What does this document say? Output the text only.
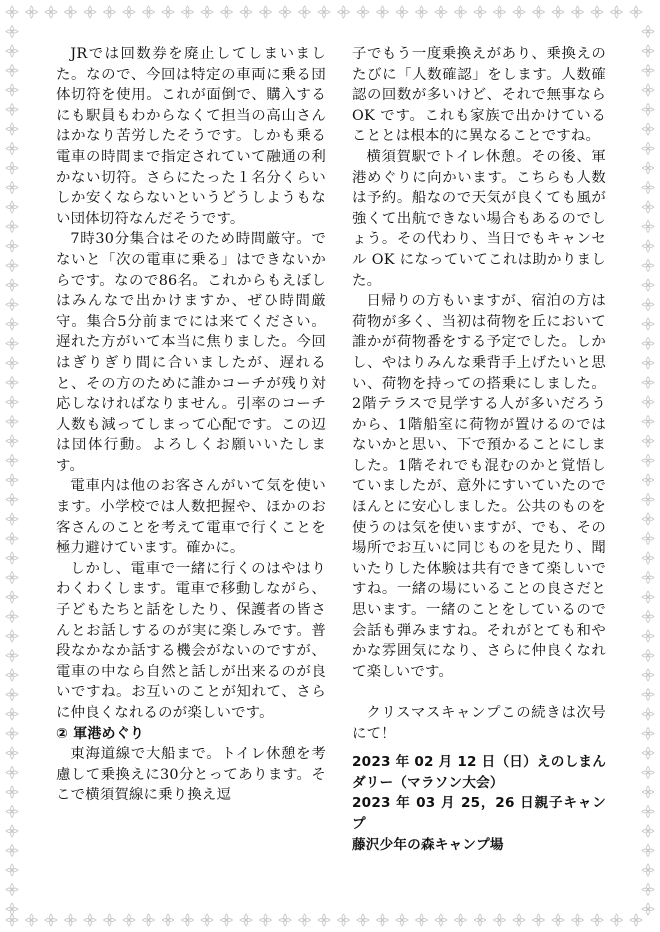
JRでは回数券を廃止してしまいました。なので、今回は特定の車両に乗る団体切符を使用。これが面倒で、購入するにも駅員もわからなくて担当の高山さんはかなり苦労したそうです。しかも乗る電車の時間まで指定されていて融通の利かない切符。さらにたった１名分くらいしか安くならないというどうしようもない団体切符なんだそうです。

7時30分集合はそのため時間厳守。でないと「次の電車に乗る」はできないからです。なので86名。これからもえぼしはみんなで出かけますか、ぜひ時間厳守。集合5分前までには来てください。遅れた方がいて本当に焦りました。今回はぎりぎり間に合いましたが、遅れると、その方のために誰かコーチが残り対応しなければなりません。引率のコーチ人数も減ってしまって心配です。この辺は団体行動。よろしくお願いいたします。

電車内は他のお客さんがいて気を使います。小学校では人数把握や、ほかのお客さんのことを考えて電車で行くことを極力避けています。確かに。

しかし、電車で一緒に行くのはやはりわくわくします。電車で移動しながら、子どもたちと話をしたり、保護者の皆さんとお話しするのが実に楽しみです。普段なかなか話する機会がないのですが、電車の中なら自然と話しが出来るのが良いですね。お互いのことが知れて、さらに仲良くなれるのが楽しいです。

② 軍港めぐり

東海道線で大船まで。トイレ休憩を考慮して乗換えに30分とってあります。そこで横須賀線に乗り換え逗

子でもう一度乗換えがあり、乗換えのたびに「人数確認」をします。人数確認の回数が多いけど、それで無事なら OK です。これも家族で出かけていることとは根本的に異なることですね。

横須賀駅でトイレ休憩。その後、軍港めぐりに向かいます。こちらも人数は予約。船なので天気が良くても風が強くて出航できない場合もあるのでしょう。その代わり、当日でもキャンセル OK になっていてこれは助かりました。

日帰りの方もいますが、宿泊の方は荷物が多く、当初は荷物を丘において誰かが荷物番をする予定でした。しかし、やはりみんな乗背手上げたいと思い、荷物を持っての搭乗にしました。2階テラスで見学する人が多いだろうから、1階船室に荷物が置けるのではないかと思い、下で預かることにしました。1階それでも混むのかと覚悟していましたが、意外にすいていたのでほんとに安心しました。公共のものを使うのは気を使いますが、でも、その場所でお互いに同じものを見たり、聞いたりした体験は共有できて楽しいですね。一緒の場にいることの良さだと思います。一緒のことをしているので会話も弾みますね。それがとても和やかな雰囲気になり、さらに仲良くなれて楽しいです。

クリスマスキャンプこの続きは次号にて！

2023 年 02 月 12 日（日）えのしまんダリー（マラソン大会）
2023 年 03 月 25，26 日親子キャンプ
藤沢少年の森キャンプ場
